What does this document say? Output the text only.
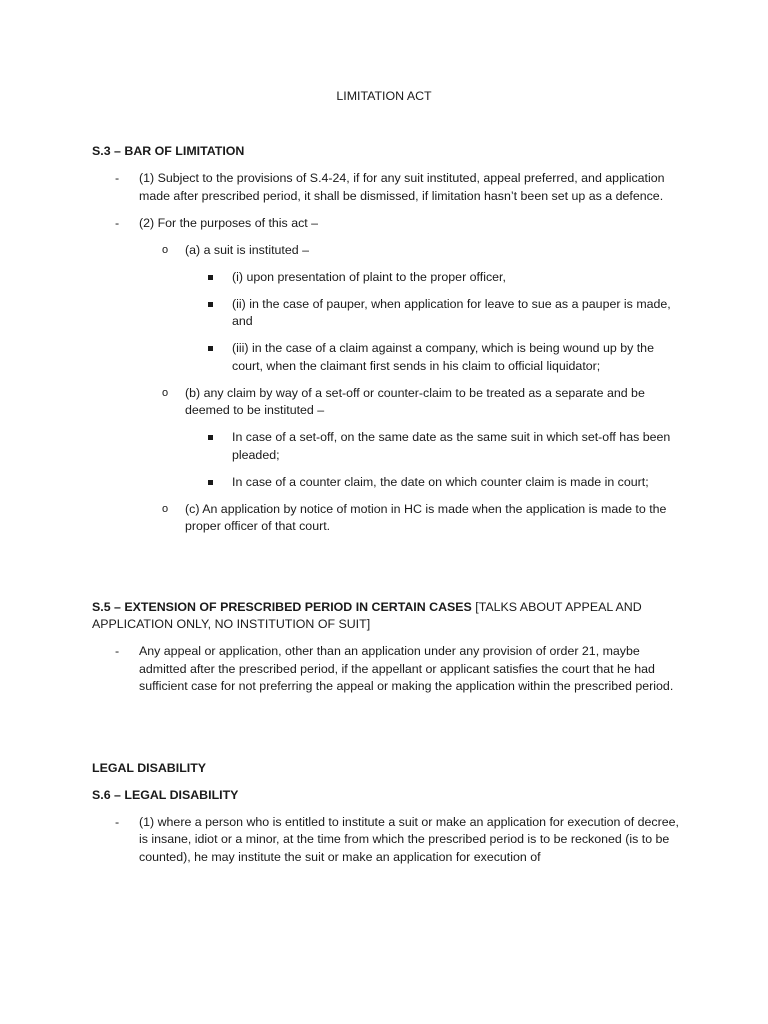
LIMITATION ACT

S.3 – BAR OF LIMITATION

- (1) Subject to the provisions of S.4-24, if for any suit instituted, appeal preferred, and application made after prescribed period, it shall be dismissed, if limitation hasn’t been set up as a defence.
- (2) For the purposes of this act –
o (a) a suit is instituted –
(i) upon presentation of plaint to the proper officer,
(ii) in the case of pauper, when application for leave to sue as a pauper is made, and
(iii) in the case of a claim against a company, which is being wound up by the court, when the claimant first sends in his claim to official liquidator;
o (b) any claim by way of a set-off or counter-claim to be treated as a separate and be deemed to be instituted –
In case of a set-off, on the same date as the same suit in which set-off has been pleaded;
In case of a counter claim, the date on which counter claim is made in court;
o (c) An application by notice of motion in HC is made when the application is made to the proper officer of that court.

S.5 – EXTENSION OF PRESCRIBED PERIOD IN CERTAIN CASES [TALKS ABOUT APPEAL AND APPLICATION ONLY, NO INSTITUTION OF SUIT]

- Any appeal or application, other than an application under any provision of order 21, maybe admitted after the prescribed period, if the appellant or applicant satisfies the court that he had sufficient case for not preferring the appeal or making the application within the prescribed period.

LEGAL DISABILITY

S.6 – LEGAL DISABILITY

- (1) where a person who is entitled to institute a suit or make an application for execution of decree, is insane, idiot or a minor, at the time from which the prescribed period is to be reckoned (is to be counted), he may institute the suit or make an application for execution of
